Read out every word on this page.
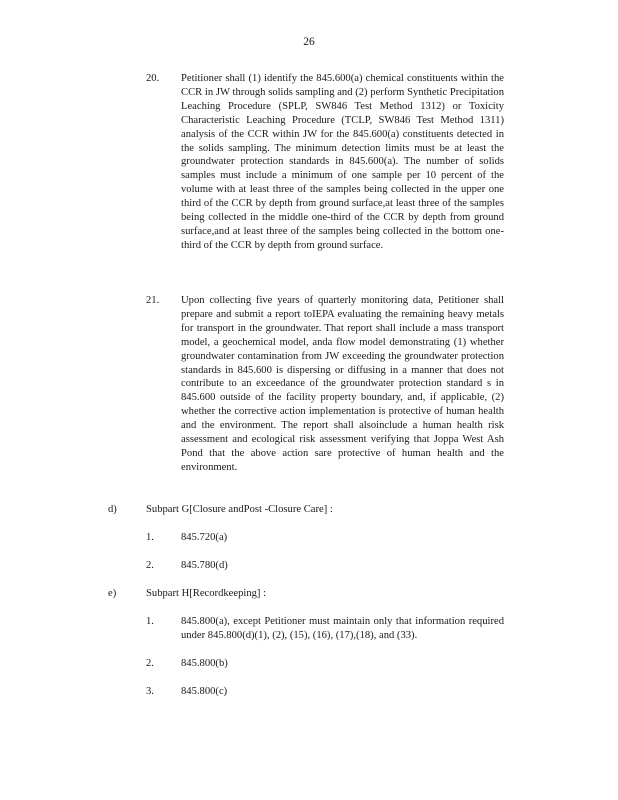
26
20. Petitioner shall (1) identify the 845.600(a) chemical constituents within the CCR in JW through solids sampling and (2) perform Synthetic Precipitation Leaching Procedure (SPLP, SW846 Test Method 1312) or Toxicity Characteristic Leaching Procedure (TCLP, SW846 Test Method 1311) analysis of the CCR within JW for the 845.600(a) constituents detected in the solids sampling. The minimum detection limits must be at least the groundwater protection standards in 845.600(a). The number of solids samples must include a minimum of one sample per 10 percent of the volume with at least three of the samples being collected in the upper one third of the CCR by depth from ground surface,at least three of the samples being collected in the middle one-third of the CCR by depth from ground surface,and at least three of the samples being collected in the bottom one-third of the CCR by depth from ground surface.
21. Upon collecting five years of quarterly monitoring data, Petitioner shall prepare and submit a report toIEPA evaluating the remaining heavy metals for transport in the groundwater. That report shall include a mass transport model, a geochemical model, anda flow model demonstrating (1) whether groundwater contamination from JW exceeding the groundwater protection standards in 845.600 is dispersing or diffusing in a manner that does not contribute to an exceedance of the groundwater protection standard s in 845.600 outside of the facility property boundary, and, if applicable, (2) whether the corrective action implementation is protective of human health and the environment. The report shall alsoinclude a human health risk assessment and ecological risk assessment verifying that Joppa West Ash Pond that the above action sare protective of human health and the environment.
d)	Subpart G[Closure andPost -Closure Care] :
1.	845.720(a)
2.	845.780(d)
e)	Subpart H[Recordkeeping] :
1.	845.800(a), except Petitioner must maintain only that information required under 845.800(d)(1), (2), (15), (16), (17),(18), and (33).
2.	845.800(b)
3.	845.800(c)
